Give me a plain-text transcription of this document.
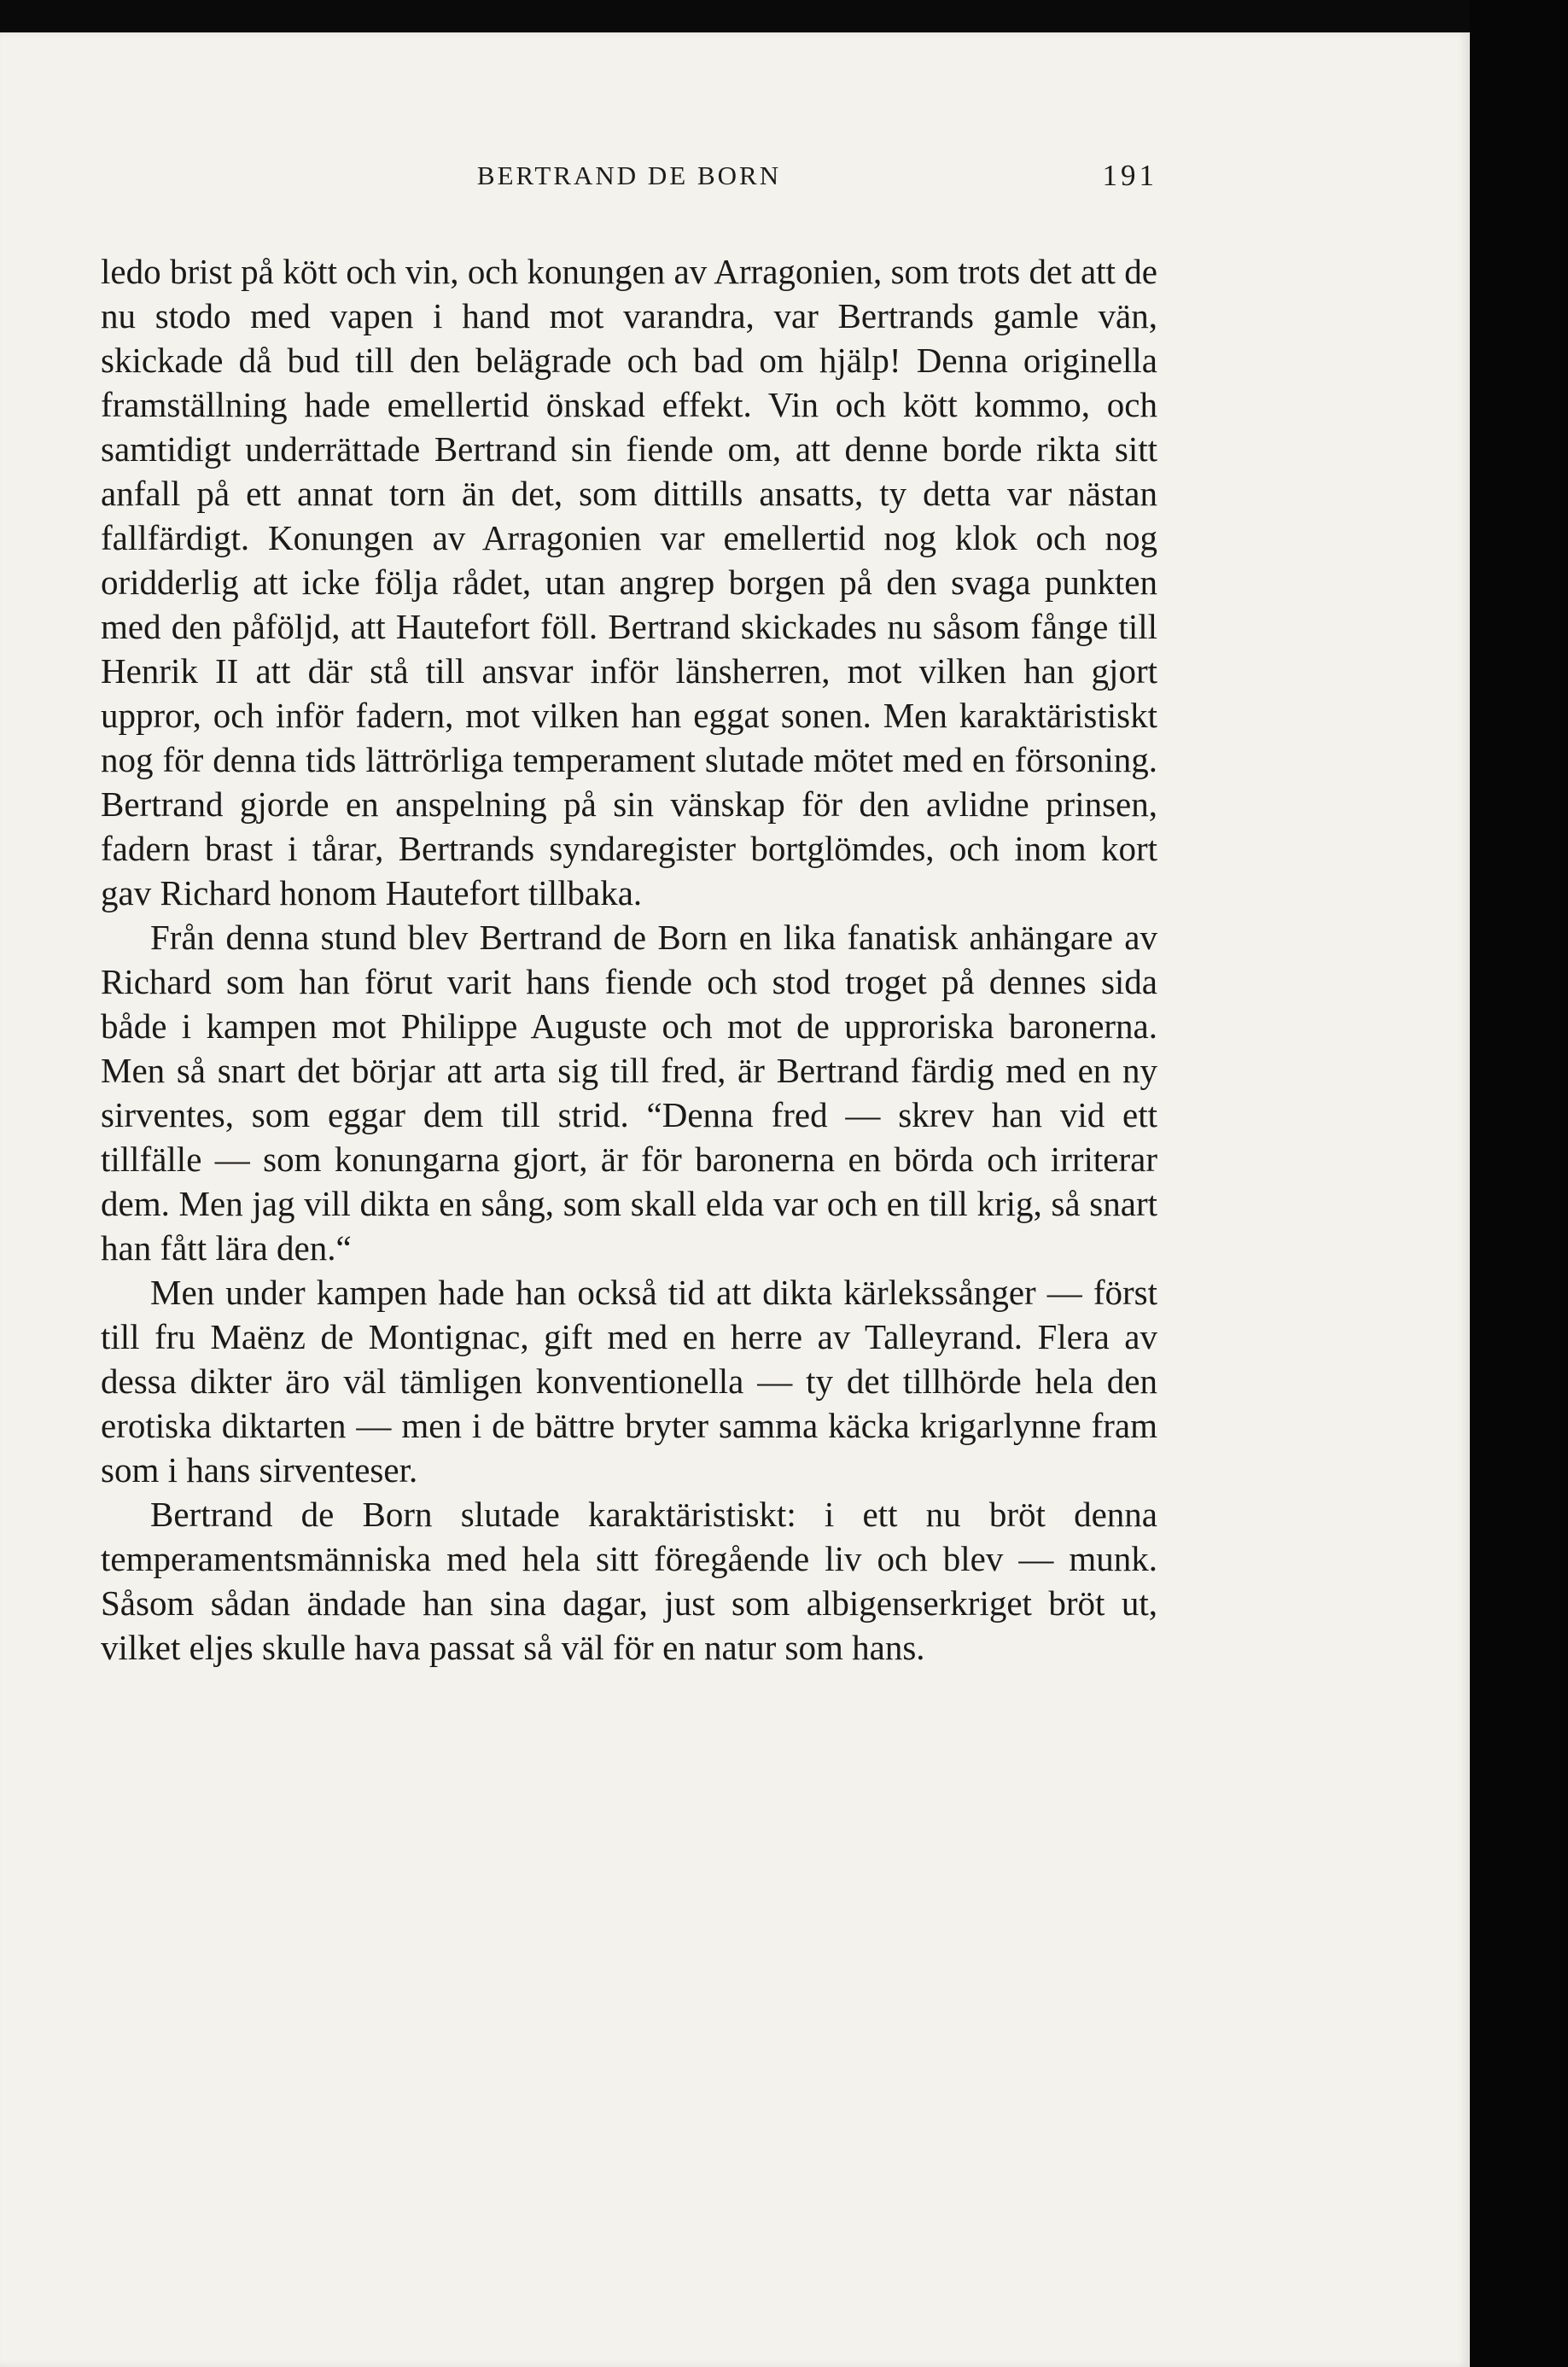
BERTRAND DE BORN	191

ledo brist på kött och vin, och konungen av Arragonien, som trots det att de nu stodo med vapen i hand mot varandra, var Bertrands gamle vän, skickade då bud till den belägrade och bad om hjälp! Denna originella framställning hade emellertid önskad effekt. Vin och kött kommo, och samtidigt underrättade Bertrand sin fiende om, att denne borde rikta sitt anfall på ett annat torn än det, som dittills ansatts, ty detta var nästan fallfärdigt. Konungen av Arragonien var emellertid nog klok och nog oridderlig att icke följa rådet, utan angrep borgen på den svaga punkten med den påföljd, att Hautefort föll. Bertrand skickades nu såsom fånge till Henrik II att där stå till ansvar inför länsherren, mot vilken han gjort uppror, och inför fadern, mot vilken han eggat sonen. Men karaktäristiskt nog för denna tids lättrörliga temperament slutade mötet med en försoning. Bertrand gjorde en anspelning på sin vänskap för den avlidne prinsen, fadern brast i tårar, Bertrands syndaregister bortglömdes, och inom kort gav Richard honom Hautefort tillbaka.

Från denna stund blev Bertrand de Born en lika fanatisk anhängare av Richard som han förut varit hans fiende och stod troget på dennes sida både i kampen mot Philippe Auguste och mot de upproriska baronerna. Men så snart det börjar att arta sig till fred, är Bertrand färdig med en ny sirventes, som eggar dem till strid. “Denna fred — skrev han vid ett tillfälle — som konungarna gjort, är för baronerna en börda och irriterar dem. Men jag vill dikta en sång, som skall elda var och en till krig, så snart han fått lära den.“

Men under kampen hade han också tid att dikta kärlekssånger — först till fru Maënz de Montignac, gift med en herre av Talleyrand. Flera av dessa dikter äro väl tämligen konventionella — ty det tillhörde hela den erotiska diktarten — men i de bättre bryter samma käcka krigarlynne fram som i hans sirventeser.

Bertrand de Born slutade karaktäristiskt: i ett nu bröt denna temperamentsmänniska med hela sitt föregående liv och blev — munk. Såsom sådan ändade han sina dagar, just som albigenserkriget bröt ut, vilket eljes skulle hava passat så väl för en natur som hans.
